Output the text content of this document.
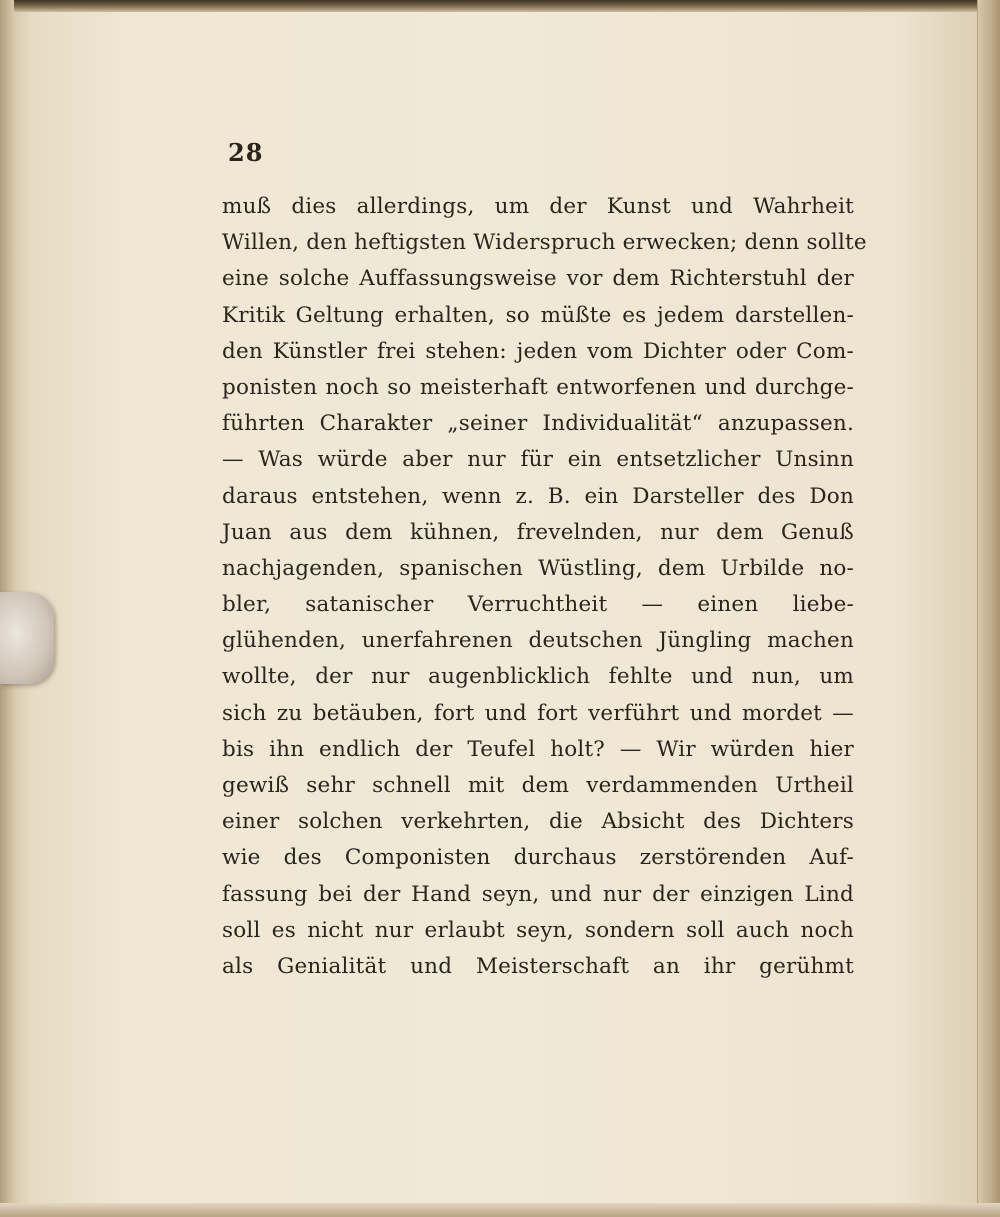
28
muß dies allerdings, um der Kunst und Wahrheit
Willen, den heftigsten Widerspruch erwecken; denn sollte
eine solche Auffassungsweise vor dem Richterstuhl der
Kritik Geltung erhalten, so müßte es jedem darstellen-
den Künstler frei stehen: jeden vom Dichter oder Com-
ponisten noch so meisterhaft entworfenen und durchge-
führten Charakter „seiner Individualität“ anzupassen.
— Was würde aber nur für ein entsetzlicher Unsinn
daraus entstehen, wenn z. B. ein Darsteller des Don
Juan aus dem kühnen, frevelnden, nur dem Genuß
nachjagenden, spanischen Wüstling, dem Urbilde no-
bler, satanischer Verruchtheit — einen liebe-
glühenden, unerfahrenen deutschen Jüngling machen
wollte, der nur augenblicklich fehlte und nun, um
sich zu betäuben, fort und fort verführt und mordet —
bis ihn endlich der Teufel holt? — Wir würden hier
gewiß sehr schnell mit dem verdammenden Urtheil
einer solchen verkehrten, die Absicht des Dichters
wie des Componisten durchaus zerstörenden Auf-
fassung bei der Hand seyn, und nur der einzigen Lind
soll es nicht nur erlaubt seyn, sondern soll auch noch
als Genialität und Meisterschaft an ihr gerühmt
